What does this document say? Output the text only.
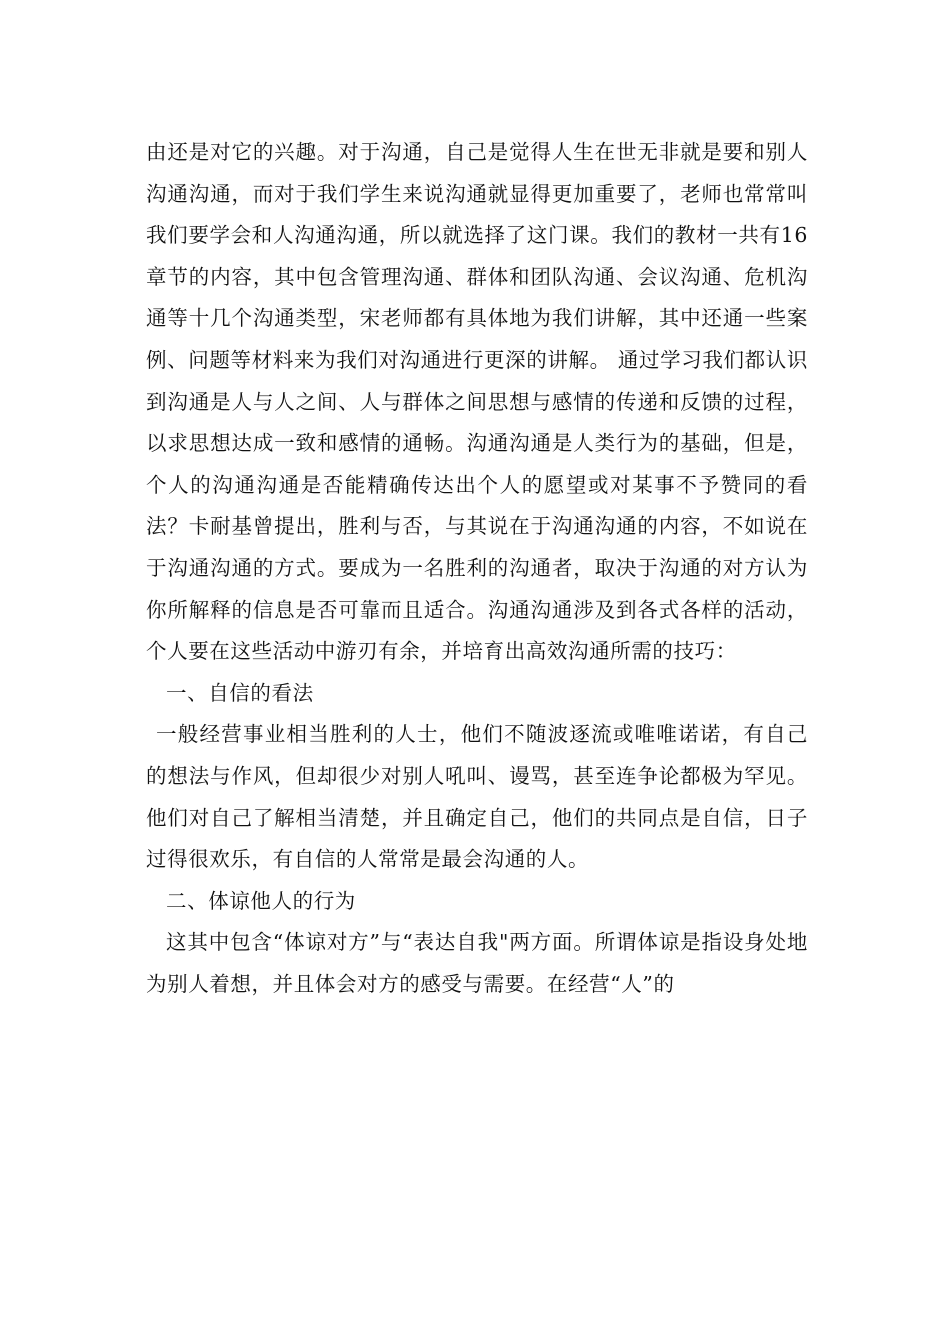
由还是对它的兴趣。对于沟通，自己是觉得人生在世无非就是要和别人沟通沟通，而对于我们学生来说沟通就显得更加重要了，老师也常常叫我们要学会和人沟通沟通，所以就选择了这门课。我们的教材一共有16章节的内容，其中包含管理沟通、群体和团队沟通、会议沟通、危机沟通等十几个沟通类型，宋老师都有具体地为我们讲解，其中还通一些案例、问题等材料来为我们对沟通进行更深的讲解。 通过学习我们都认识到沟通是人与人之间、人与群体之间思想与感情的传递和反馈的过程，以求思想达成一致和感情的通畅。沟通沟通是人类行为的基础，但是，个人的沟通沟通是否能精确传达出个人的愿望或对某事不予赞同的看法？卡耐基曾提出，胜利与否，与其说在于沟通沟通的内容，不如说在于沟通沟通的方式。要成为一名胜利的沟通者，取决于沟通的对方认为你所解释的信息是否可靠而且适合。沟通沟通涉及到各式各样的活动，个人要在这些活动中游刃有余，并培育出高效沟通所需的技巧：

一、自信的看法

一般经营事业相当胜利的人士，他们不随波逐流或唯唯诺诺，有自己的想法与作风，但却很少对别人吼叫、谩骂，甚至连争论都极为罕见。他们对自己了解相当清楚，并且确定自己，他们的共同点是自信，日子过得很欢乐，有自信的人常常是最会沟通的人。

二、体谅他人的行为

这其中包含“体谅对方”与“表达自我"两方面。所谓体谅是指设身处地为别人着想，并且体会对方的感受与需要。在经营“人”的
